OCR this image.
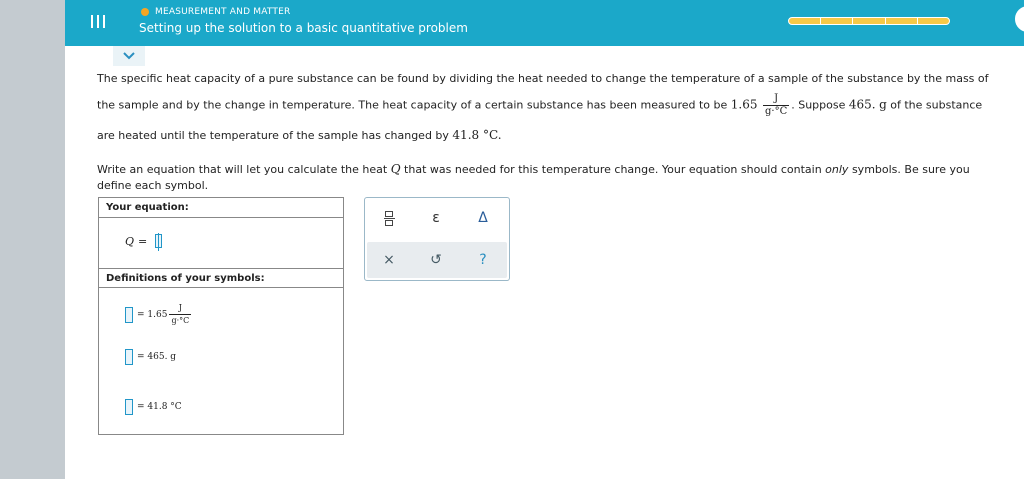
MEASUREMENT AND MATTER
Setting up the solution to a basic quantitative problem
The specific heat capacity of a pure substance can be found by dividing the heat needed to change the temperature of a sample of the substance by the mass of
the sample and by the change in temperature. The heat capacity of a certain substance has been measured to be $1.65 \frac{J}{g\cdot^\circ C}$ . Suppose 465. g of the substance
are heated until the temperature of the sample has changed by 41.8 °C.
Write an equation that will let you calculate the heat Q that was needed for this temperature change. Your equation should contain only symbols. Be sure you
define each symbol.
Your equation:
Q =
Definitions of your symbols:
= $1.65 \frac{J}{g\cdot^\circ C}$
= 465. g
= 41.8 °C
ε	Δ
×	↺	?
